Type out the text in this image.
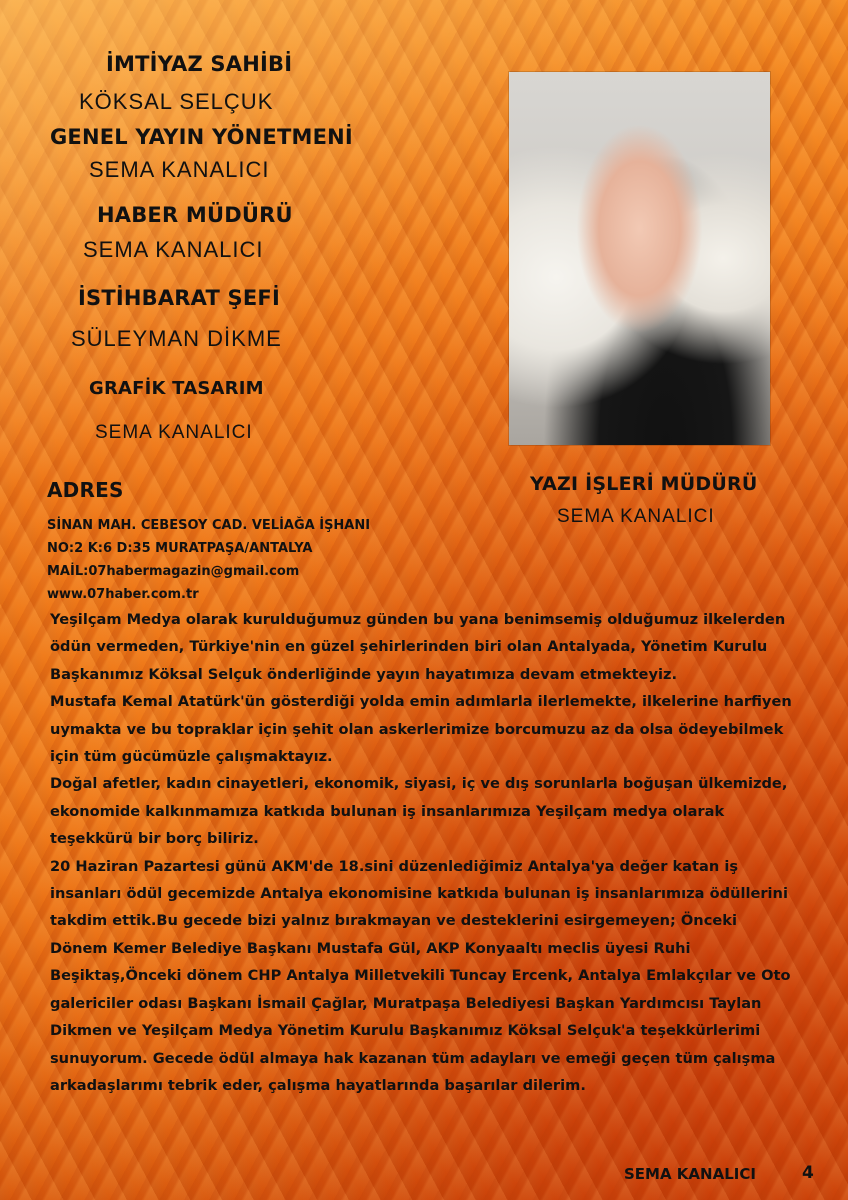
İMTİYAZ SAHİBİ
KÖKSAL SELÇUK
GENEL YAYIN YÖNETMENİ
SEMA KANALICI
HABER MÜDÜRÜ
SEMA KANALICI
İSTİHBARAT ŞEFİ
SÜLEYMAN DİKME
GRAFİK TASARIM
SEMA KANALICI
YAZI İŞLERİ MÜDÜRÜ
SEMA KANALICI
ADRES
SİNAN MAH. CEBESOY CAD. VELİAĞA İŞHANI
NO:2 K:6 D:35 MURATPAŞA/ANTALYA
MAİL:07habermagazin@gmail.com
www.07haber.com.tr

Yeşilçam Medya olarak kurulduğumuz günden bu yana benimsemiş olduğumuz ilkelerden ödün vermeden, Türkiye'nin en güzel şehirlerinden biri olan Antalyada, Yönetim Kurulu Başkanımız Köksal Selçuk önderliğinde yayın hayatımıza devam etmekteyiz.

Mustafa Kemal Atatürk'ün gösterdiği yolda emin adımlarla ilerlemekte, ilkelerine harfiyen uymakta ve bu topraklar için şehit olan askerlerimize borcumuzu az da olsa ödeyebilmek için tüm gücümüzle çalışmaktayız.

Doğal afetler, kadın cinayetleri, ekonomik, siyasi, iç ve dış sorunlarla boğuşan ülkemizde, ekonomide kalkınmamıza katkıda bulunan iş insanlarımıza Yeşilçam medya olarak teşekkürü bir borç biliriz.

20 Haziran Pazartesi günü AKM'de 18.sini düzenlediğimiz Antalya'ya değer katan iş insanları ödül gecemizde Antalya ekonomisine katkıda bulunan iş insanlarımıza ödüllerini takdim ettik.Bu gecede bizi yalnız bırakmayan ve desteklerini esirgemeyen; Önceki Dönem Kemer Belediye Başkanı Mustafa Gül, AKP Konyaaltı meclis üyesi Ruhi Beşiktaş,Önceki dönem CHP Antalya Milletvekili Tuncay Ercenk, Antalya Emlakçılar ve Oto galericiler odası Başkanı İsmail Çağlar, Muratpaşa Belediyesi Başkan Yardımcısı Taylan Dikmen ve Yeşilçam Medya Yönetim Kurulu Başkanımız Köksal Selçuk'a teşekkürlerimi sunuyorum. Gecede ödül almaya hak kazanan tüm adayları ve emeği geçen tüm çalışma arkadaşlarımı tebrik eder, çalışma hayatlarında başarılar dilerim.

SEMA KANALICI	4
